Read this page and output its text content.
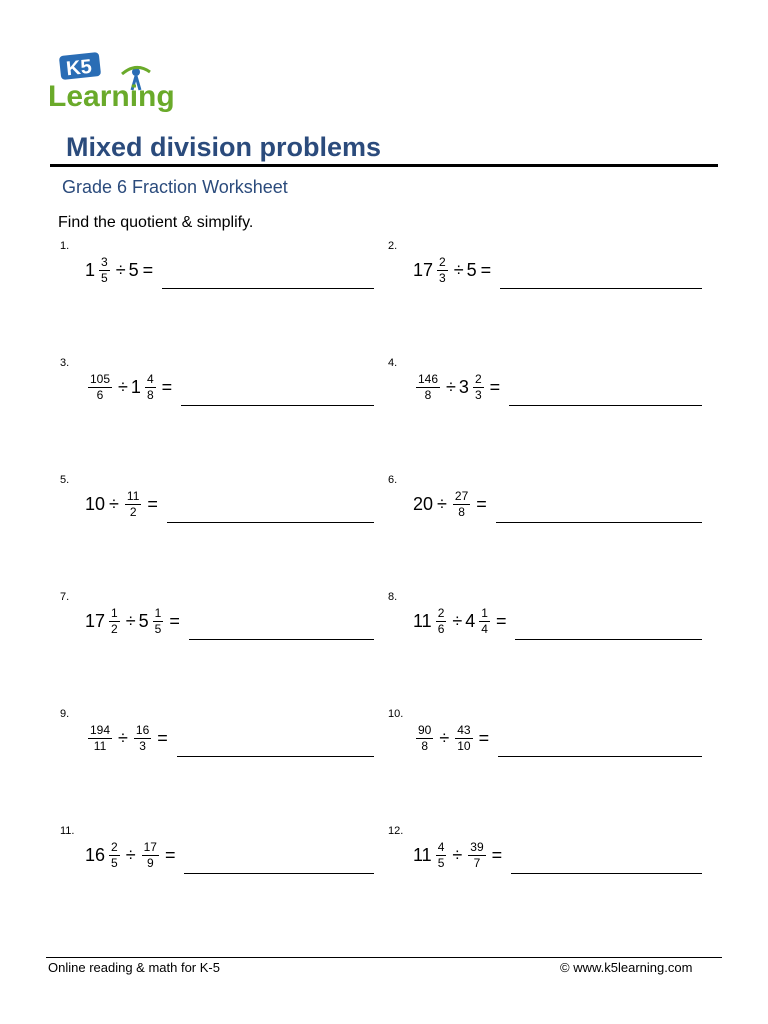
K5
Learning
Mixed division problems
Grade 6 Fraction Worksheet
Find the quotient & simplify.
1.
$1 \frac{3}{5} \div 5$ =
2.
$17 \frac{2}{3} \div 5$ =
3.
$\frac{105}{6} \div 1 \frac{4}{8}$ =
4.
$\frac{146}{8} \div 3 \frac{2}{3}$ =
5.
$10 \div \frac{11}{2}$ =
6.
$20 \div \frac{27}{8}$ =
7.
$17 \frac{1}{2} \div 5 \frac{1}{5}$ =
8.
$11 \frac{2}{6} \div 4 \frac{1}{4}$ =
9.
$\frac{194}{11} \div \frac{16}{3}$ =
10.
$\frac{90}{8} \div \frac{43}{10}$ =
11.
$16 \frac{2}{5} \div \frac{17}{9}$ =
12.
$11 \frac{4}{5} \div \frac{39}{7}$ =
Online reading & math for K-5	© www.k5learning.com
